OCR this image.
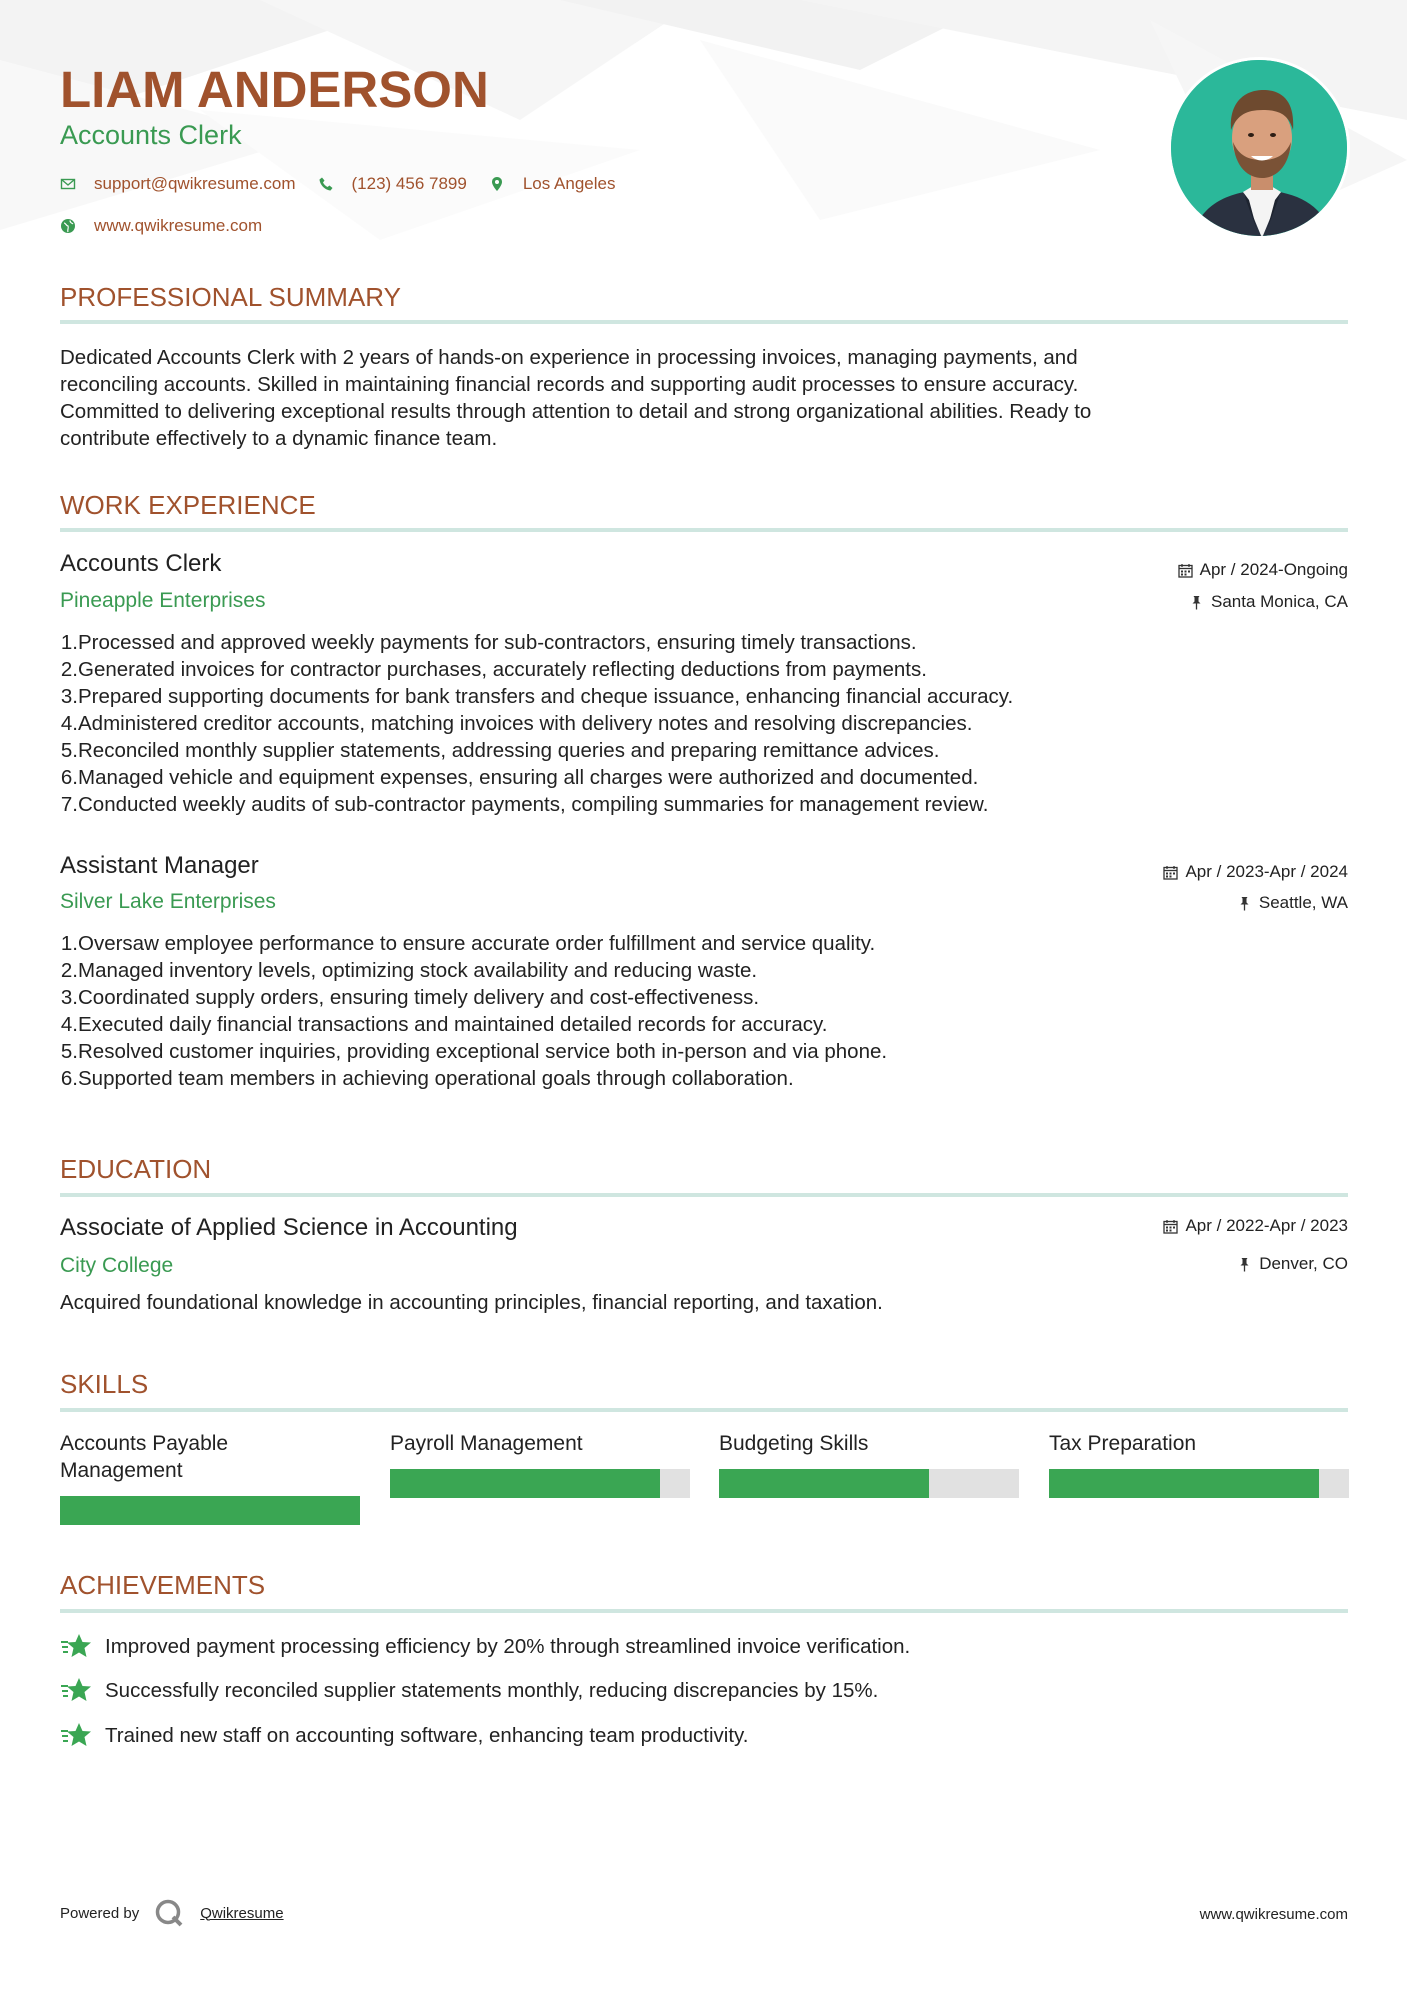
LIAM ANDERSON
Accounts Clerk
support@qwikresume.com	(123) 456 7899	Los Angeles
www.qwikresume.com
PROFESSIONAL SUMMARY
Dedicated Accounts Clerk with 2 years of hands-on experience in processing invoices, managing payments, and
reconciling accounts. Skilled in maintaining financial records and supporting audit processes to ensure accuracy.
Committed to delivering exceptional results through attention to detail and strong organizational abilities. Ready to
contribute effectively to a dynamic finance team.
WORK EXPERIENCE
Accounts Clerk
Pineapple Enterprises
Apr / 2024-Ongoing
Santa Monica, CA
1. Processed and approved weekly payments for sub-contractors, ensuring timely transactions.
2. Generated invoices for contractor purchases, accurately reflecting deductions from payments.
3. Prepared supporting documents for bank transfers and cheque issuance, enhancing financial accuracy.
4. Administered creditor accounts, matching invoices with delivery notes and resolving discrepancies.
5. Reconciled monthly supplier statements, addressing queries and preparing remittance advices.
6. Managed vehicle and equipment expenses, ensuring all charges were authorized and documented.
7. Conducted weekly audits of sub-contractor payments, compiling summaries for management review.
Assistant Manager
Silver Lake Enterprises
Apr / 2023-Apr / 2024
Seattle, WA
1. Oversaw employee performance to ensure accurate order fulfillment and service quality.
2. Managed inventory levels, optimizing stock availability and reducing waste.
3. Coordinated supply orders, ensuring timely delivery and cost-effectiveness.
4. Executed daily financial transactions and maintained detailed records for accuracy.
5. Resolved customer inquiries, providing exceptional service both in-person and via phone.
6. Supported team members in achieving operational goals through collaboration.
EDUCATION
Associate of Applied Science in Accounting
City College
Apr / 2022-Apr / 2023
Denver, CO
Acquired foundational knowledge in accounting principles, financial reporting, and taxation.
SKILLS
Accounts Payable
Management
Payroll Management	Budgeting Skills	Tax Preparation
ACHIEVEMENTS
Improved payment processing efficiency by 20% through streamlined invoice verification.
Successfully reconciled supplier statements monthly, reducing discrepancies by 15%.
Trained new staff on accounting software, enhancing team productivity.
Powered by	Qwikresume	www.qwikresume.com
